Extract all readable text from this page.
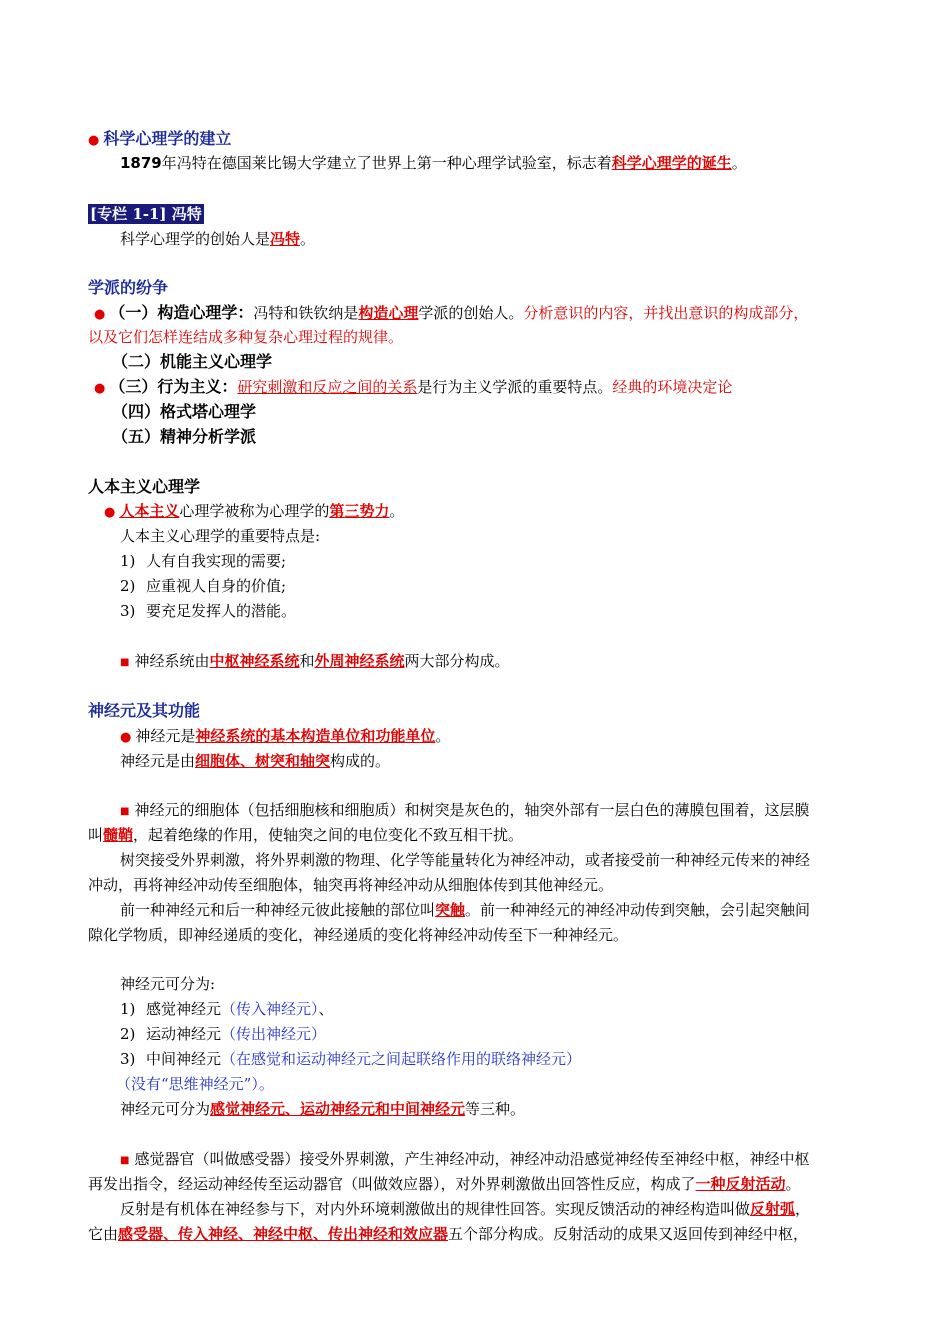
● 科学心理学的建立
1879年冯特在德国莱比锡大学建立了世界上第一种心理学试验室，标志着科学心理学的诞生。
[专栏 1-1] 冯特
科学心理学的创始人是冯特。
学派的纷争
● （一）构造心理学：冯特和铁钦纳是构造心理学派的创始人。分析意识的内容，并找出意识的构成部分，
以及它们怎样连结成多种复杂心理过程的规律。
（二）机能主义心理学
● （三）行为主义：研究刺激和反应之间的关系是行为主义学派的重要特点。经典的环境决定论
（四）格式塔心理学
（五）精神分析学派
人本主义心理学
● 人本主义心理学被称为心理学的第三势力。
人本主义心理学的重要特点是:
1) 人有自我实现的需要;
2) 应重视人自身的价值;
3) 要充足发挥人的潜能。
■ 神经系统由中枢神经系统和外周神经系统两大部分构成。
神经元及其功能
● 神经元是神经系统的基本构造单位和功能单位。
神经元是由细胞体、树突和轴突构成的。
■ 神经元的细胞体（包括细胞核和细胞质）和树突是灰色的，轴突外部有一层白色的薄膜包围着，这层膜
叫髓鞘，起着绝缘的作用，使轴突之间的电位变化不致互相干扰。
树突接受外界刺激，将外界刺激的物理、化学等能量转化为神经冲动，或者接受前一种神经元传来的神经
冲动，再将神经冲动传至细胞体，轴突再将神经冲动从细胞体传到其他神经元。
前一种神经元和后一种神经元彼此接触的部位叫突触。前一种神经元的神经冲动传到突触，会引起突触间
隙化学物质，即神经递质的变化，神经递质的变化将神经冲动传至下一种神经元。
神经元可分为:
1) 感觉神经元（传入神经元）、
2) 运动神经元（传出神经元）
3) 中间神经元（在感觉和运动神经元之间起联络作用的联络神经元）
（没有“思维神经元”）。
神经元可分为感觉神经元、运动神经元和中间神经元等三种。
■ 感觉器官（叫做感受器）接受外界刺激，产生神经冲动，神经冲动沿感觉神经传至神经中枢，神经中枢
再发出指令，经运动神经传至运动器官（叫做效应器），对外界刺激做出回答性反应，构成了一种反射活动。
反射是有机体在神经参与下，对内外环境刺激做出的规律性回答。实现反馈活动的神经构造叫做反射弧，
它由感受器、传入神经、神经中枢、传出神经和效应器五个部分构成。反射活动的成果又返回传到神经中枢，
